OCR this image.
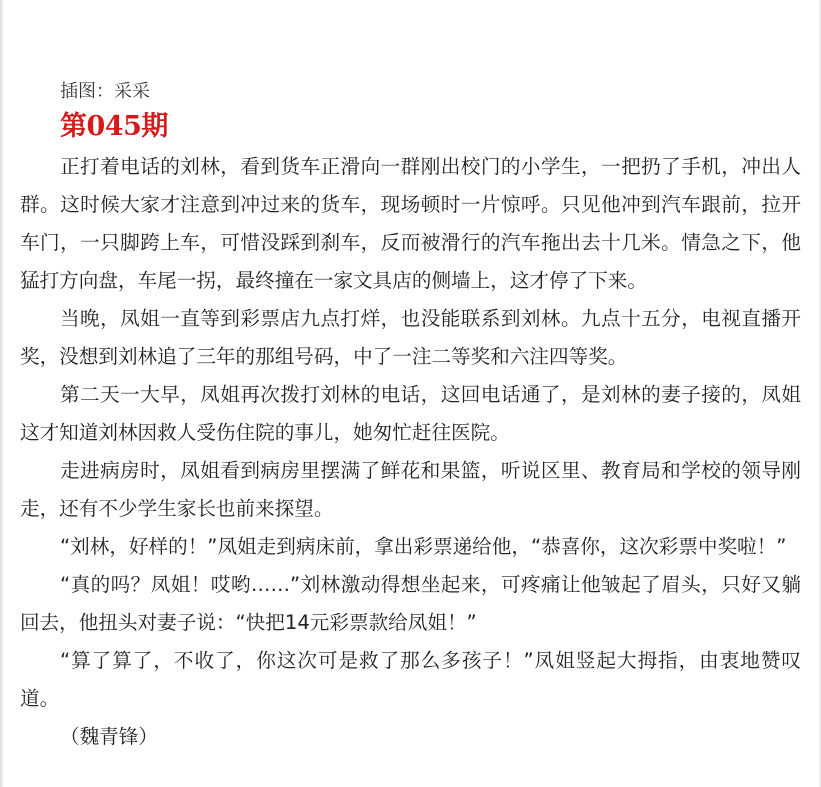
插图：采采
第045期

正打着电话的刘林，看到货车正滑向一群刚出校门的小学生，一把扔了手机，冲出人群。这时候大家才注意到冲过来的货车，现场顿时一片惊呼。只见他冲到汽车跟前，拉开车门，一只脚跨上车，可惜没踩到刹车，反而被滑行的汽车拖出去十几米。情急之下，他猛打方向盘，车尾一拐，最终撞在一家文具店的侧墙上，这才停了下来。

当晚，凤姐一直等到彩票店九点打烊，也没能联系到刘林。九点十五分，电视直播开奖，没想到刘林追了三年的那组号码，中了一注二等奖和六注四等奖。

第二天一大早，凤姐再次拨打刘林的电话，这回电话通了，是刘林的妻子接的，凤姐这才知道刘林因救人受伤住院的事儿，她匆忙赶往医院。

走进病房时，凤姐看到病房里摆满了鲜花和果篮，听说区里、教育局和学校的领导刚走，还有不少学生家长也前来探望。

“刘林，好样的！”凤姐走到病床前，拿出彩票递给他，“恭喜你，这次彩票中奖啦！”

“真的吗？凤姐！哎哟……”刘林激动得想坐起来，可疼痛让他皱起了眉头，只好又躺回去，他扭头对妻子说：“快把14元彩票款给凤姐！”

“算了算了，不收了，你这次可是救了那么多孩子！”凤姐竖起大拇指，由衷地赞叹道。

（魏青锋）
